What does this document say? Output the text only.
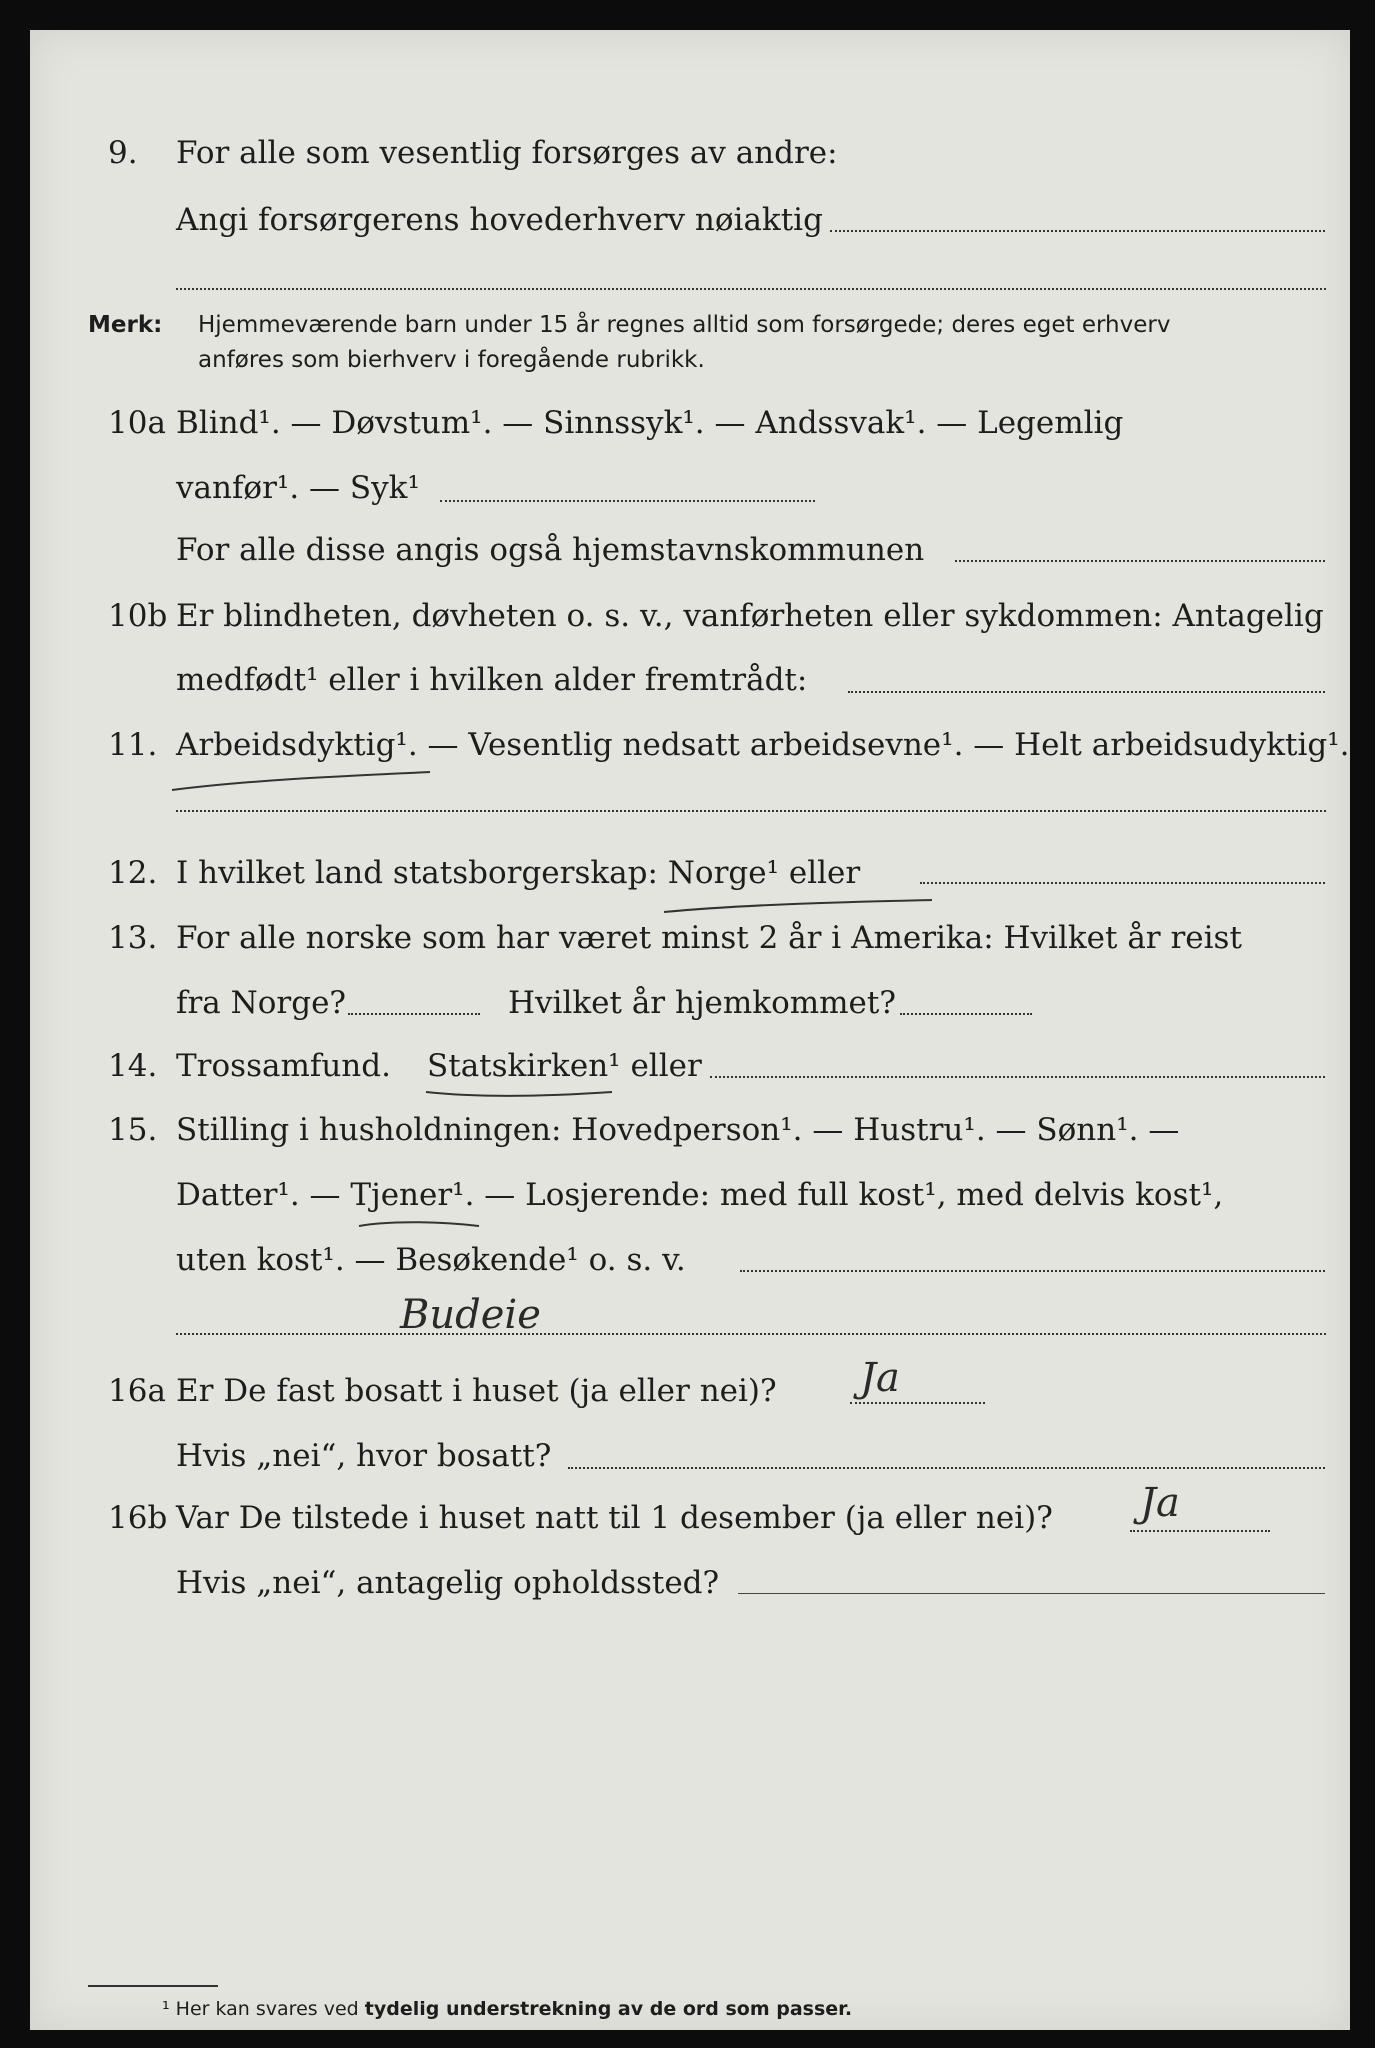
9. For alle som vesentlig forsørges av andre:
Angi forsørgerens hovederhverv nøiaktig
Merk: Hjemmeværende barn under 15 år regnes alltid som forsørgede; deres eget erhverv
anføres som bierhverv i foregående rubrikk.
10a Blind¹. — Døvstum¹. — Sinnssyk¹. — Andssvak¹. — Legemlig
vanfør¹. — Syk¹
For alle disse angis også hjemstavnskommunen
10b Er blindheten, døvheten o. s. v., vanførheten eller sykdommen: Antagelig
medfødt¹ eller i hvilken alder fremtrådt:
11. Arbeidsdyktig¹. — Vesentlig nedsatt arbeidsevne¹. — Helt arbeidsudyktig¹.
12. I hvilket land statsborgerskap: Norge¹ eller
13. For alle norske som har været minst 2 år i Amerika: Hvilket år reist
fra Norge?	Hvilket år hjemkommet?
14. Trossamfund. Statskirken¹ eller
15. Stilling i husholdningen: Hovedperson¹. — Hustru¹. — Sønn¹. —
Datter¹. — Tjener¹. — Losjerende: med full kost¹, med delvis kost¹,
uten kost¹. — Besøkende¹ o. s. v.
Budeie
16a Er De fast bosatt i huset (ja eller nei)? Ja
Hvis „nei“, hvor bosatt?
16b Var De tilstede i huset natt til 1 desember (ja eller nei)? Ja
Hvis „nei“, antagelig opholdssted?
¹ Her kan svares ved tydelig understrekning av de ord som passer.
